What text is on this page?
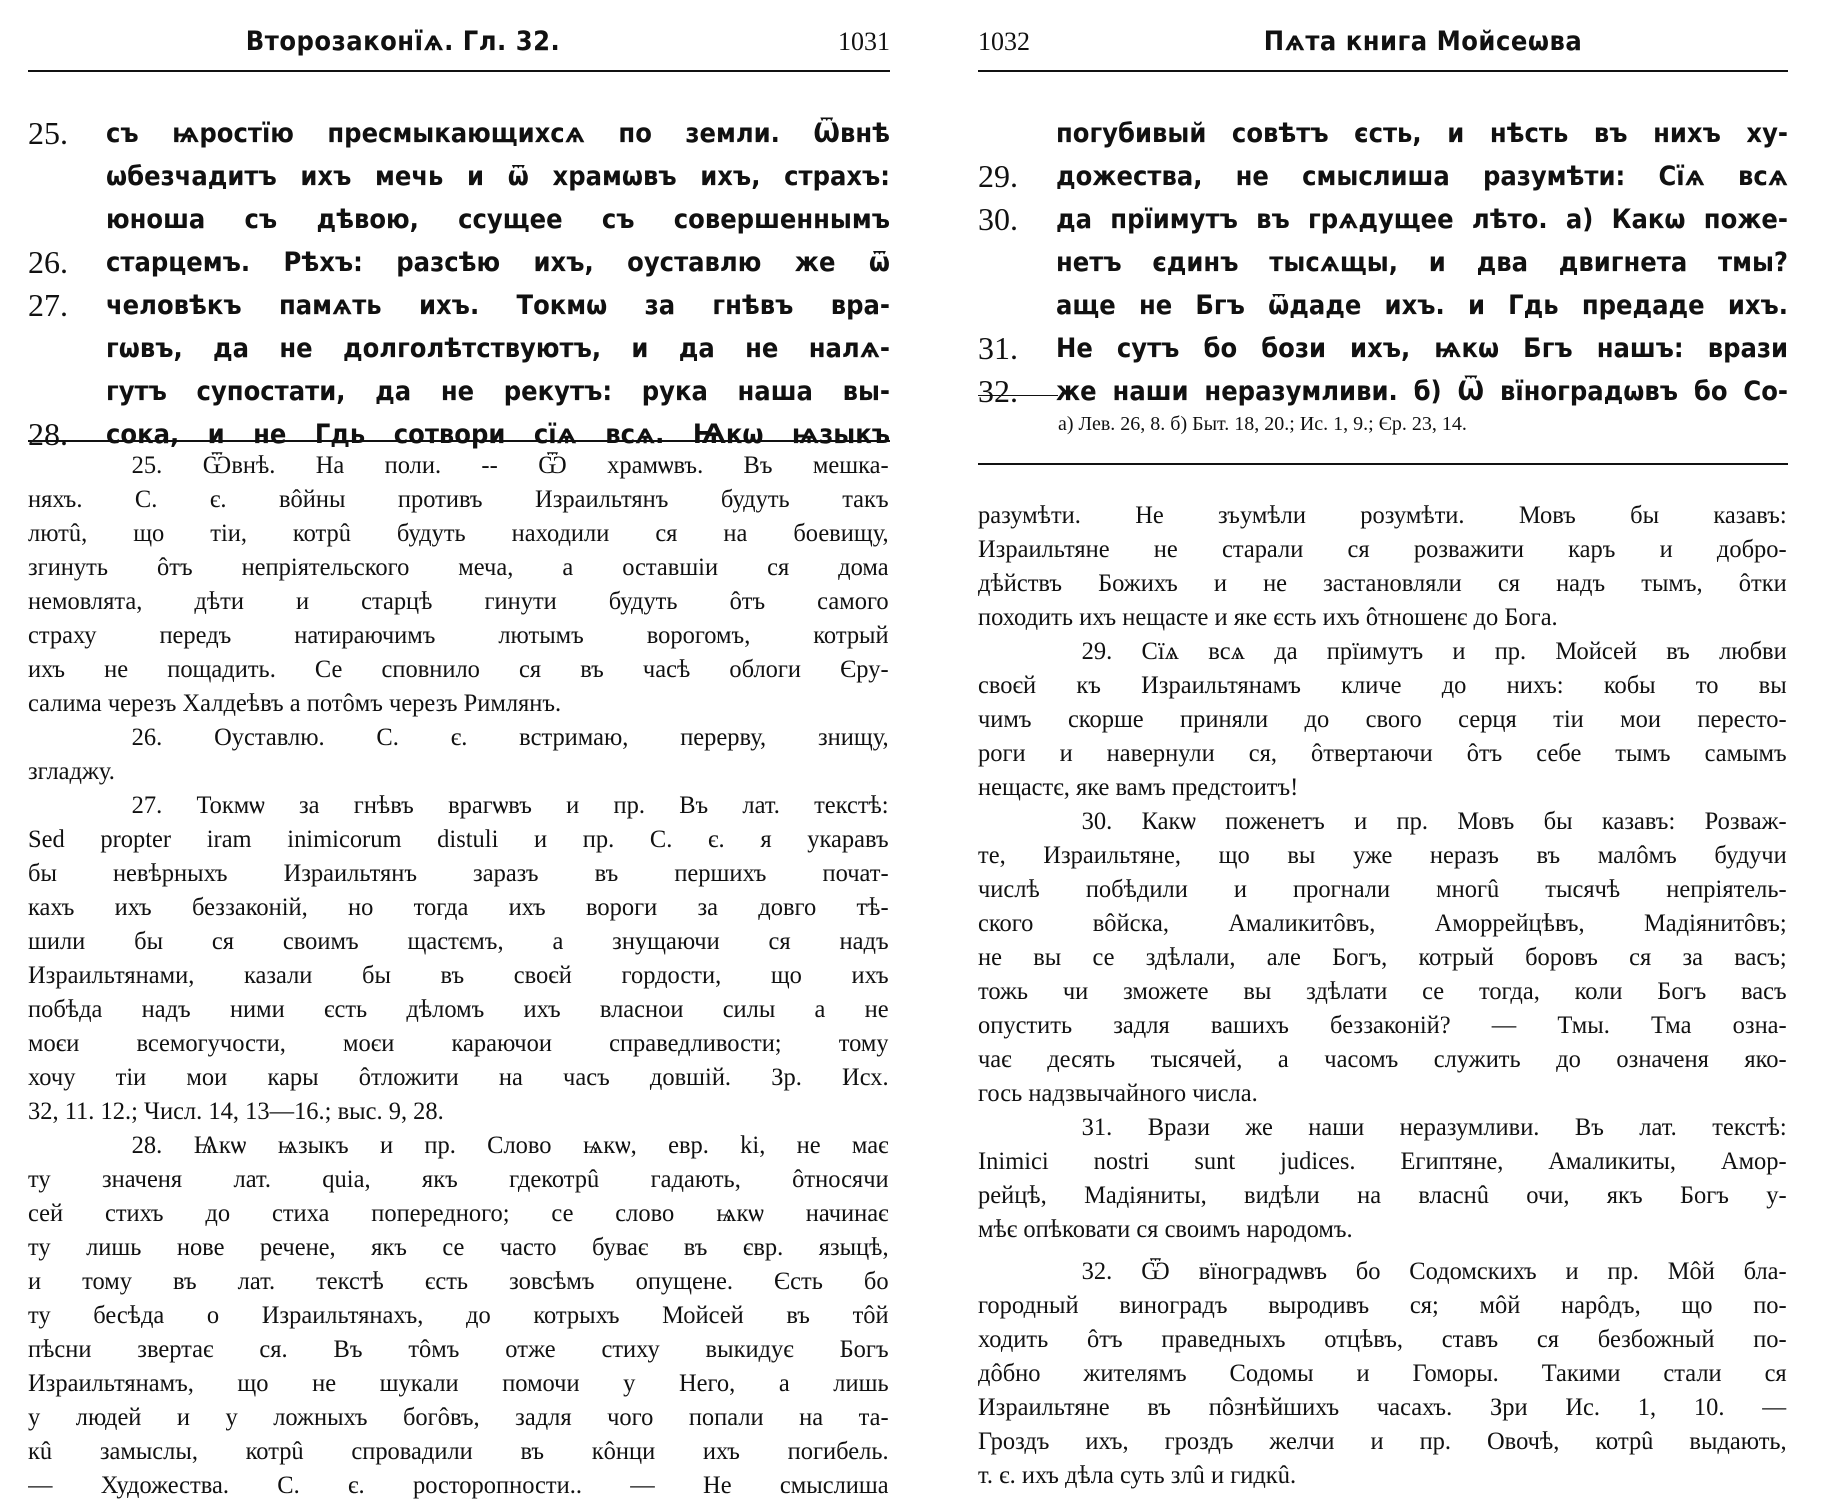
Второзаконїѧ. Гл. 32.	1031
25.	съ ѩростїю пресмыкающихсѧ по земли. Ѿвнѣ
ѡбезчадитъ ихъ мечь и ѿ храмѡвъ ихъ, страхъ:
юноша съ дѣвою, ссущее съ совершеннымъ
26.	старцемъ. Рѣхъ: разсѣю ихъ, оуставлю же ѿ
27.	человѣкъ памѧть ихъ. Токмѡ за гнѣвъ вра-
гѡвъ, да не долголѣтствуютъ, и да не налѧ-
гутъ супостати, да не рекутъ: рука наша вы-
28.	сока, и не Гдь сотвори сїѧ всѧ. Ѩкѡ ѩзыкъ
25. Ѿвнѣ. На поли. -- Ѿ храмѡвъ. Въ мешка-
няхъ. С. є. вôйны противъ Израильтянъ будуть такъ
лютû, що тіи, котрû будуть находили ся на боевищу,
згинуть ôтъ непріятельского меча, а оставшіи ся дома
немовлята, дѣти и старцѣ гинути будуть ôтъ самого
страху передъ натираючимъ лютымъ ворогомъ, котрый
ихъ не пощадить. Се сповнило ся въ часѣ облоги Єру-
салима черезъ Халдеѣвъ а потôмъ черезъ Римлянъ.
26. Оуставлю. С. є. встримаю, перерву, знищу,
згладжу.
27. Токмѡ за гнѣвъ врагѡвъ и пр. Въ лат. текстѣ:
Sed propter iram inimicorum distuli и пр. С. є. я укаравъ
бы невѣрныхъ Израильтянъ заразъ въ першихъ почат-
кахъ ихъ беззаконій, но тогда ихъ вороги за довго тѣ-
шили бы ся своимъ щастємъ, а знущаючи ся надъ
Израильтянами, казали бы въ своєй гордости, що ихъ
побѣда надъ ними єсть дѣломъ ихъ власнои силы а не
моєи всемогучости, моєи караючои справедливости; тому
хочу тіи мои кары ôтложити на часъ довшій. Зр. Исх.
32, 11. 12.; Числ. 14, 13—16.; выс. 9, 28.
28. Ѩкѡ ѩзыкъ и пр. Слово ѩкѡ, евр. ki, не має
ту значеня лат. quia, якъ гдекотрû гадають, ôтносячи
сей стихъ до стиха попередного; се слово ѩкѡ начинає
ту лишь нове речене, якъ се часто буває въ євр. языцѣ,
и тому въ лат. текстѣ єсть зовсѣмъ опущене. Єсть бо
ту бесѣда о Израильтянахъ, до котрыхъ Мойсей въ тôй
пѣсни звертає ся. Въ тôмъ отже стиху выкидує Богъ
Израильтянамъ, що не шукали помочи у Него, а лишь
у людей и у ложныхъ богôвъ, задля чого попали на та-
кû замыслы, котрû спровадили въ кôнци ихъ погибель.
— Художества. С. є. росторопности.. — Не смыслиша
1032	Пѧта книга Мойсеѡва
погубивый совѣтъ єсть, и нѣсть въ нихъ ху-
29.	дожества, не смыслиша разумѣти: Сїѧ всѧ
30.	да прїимутъ въ грѧдущее лѣто. а) Какѡ поже-
нетъ єдинъ тысѧщы, и два двигнета тмы?
аще не Бгъ ѿдаде ихъ. и Гдь предаде ихъ.
31.	Не сутъ бо бози ихъ, ѩкѡ Бгъ нашъ: врази
32.	же наши неразумливи. б) Ѿ вїноградѡвъ бо Со-
а) Лев. 26, 8. б) Быт. 18, 20.; Ис. 1, 9.; Єр. 23, 14.
разумѣти. Не зъумѣли розумѣти. Мовъ бы казавъ:
Израильтяне не старали ся розважити каръ и добро-
дѣйствъ Божихъ и не застановляли ся надъ тымъ, ôтки
походить ихъ нещасте и яке єсть ихъ ôтношенє до Бога.
29. Сїѧ всѧ да прїимутъ и пр. Мойсей въ любви
своєй къ Израильтянамъ кличе до нихъ: кобы то вы
чимъ скорше приняли до свого серця тіи мои пересто-
роги и навернули ся, ôтвертаючи ôтъ себе тымъ самымъ
нещастє, яке вамъ предстоитъ!
30. Какѡ поженетъ и пр. Мовъ бы казавъ: Розваж-
те, Израильтяне, що вы уже неразъ въ малôмъ будучи
числѣ побѣдили и прогнали многû тысячѣ непріятель-
ского вôйска, Амаликитôвъ, Аморрейцѣвъ, Мадіянитôвъ;
не вы се здѣлали, але Богъ, котрый боровъ ся за васъ;
тожь чи зможете вы здѣлати се тогда, коли Богъ васъ
опустить задля вашихъ беззаконій? — Тмы. Тма озна-
чає десять тысячей, а часомъ служить до означеня яко-
гось надзвычайного числа.
31. Врази же наши неразумливи. Въ лат. текстѣ:
Inimici nostri sunt judices. Египтяне, Амаликиты, Амор-
рейцѣ, Мадіяниты, видѣли на власнû очи, якъ Богъ у-
мѣє опѣковати ся своимъ народомъ.
32. Ѿ вїноградѡвъ бо Содомскихъ и пр. Мôй бла-
городный виноградъ выродивъ ся; мôй нарôдъ, що по-
ходить ôтъ праведныхъ отцѣвъ, ставъ ся безбожный по-
дôбно жителямъ Содомы и Гоморы. Такими стали ся
Израильтяне въ пôзнѣйшихъ часахъ. Зри Ис. 1, 10. —
Гроздъ ихъ, гроздъ желчи и пр. Овочѣ, котрû выдають,
т. є. ихъ дѣла суть злû и гидкû.
